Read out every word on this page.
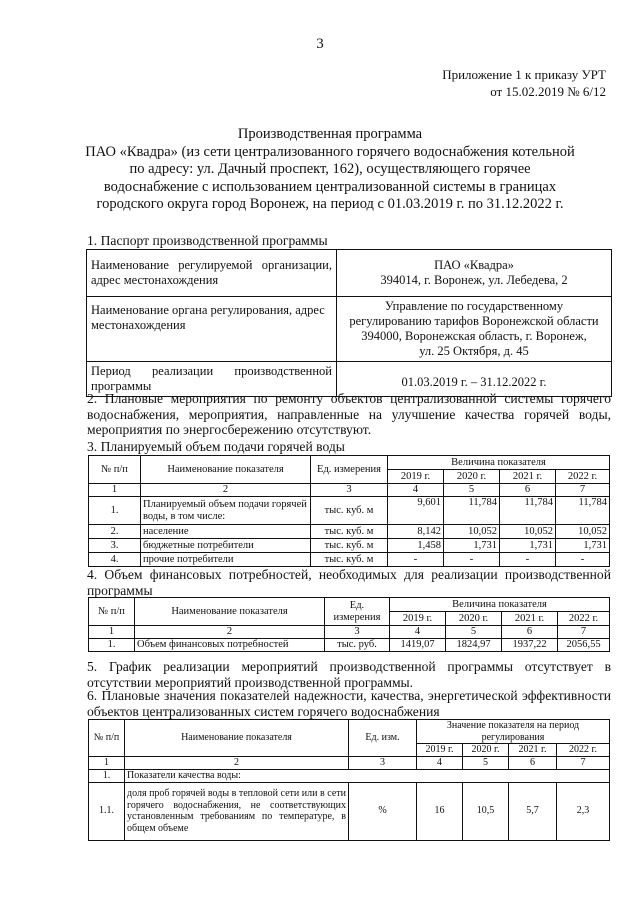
3
Приложение 1 к приказу УРТ
от 15.02.2019 № 6/12
Производственная программа
ПАО «Квадра» (из сети централизованного горячего водоснабжения котельной
по адресу: ул. Дачный проспект, 162), осуществляющего горячее
водоснабжение с использованием централизованной системы в границах
городского округа город Воронеж, на период с 01.03.2019 г. по 31.12.2022 г.
1. Паспорт производственной программы
Наименование регулируемой организации, адрес местонахождения	ПАО «Квадра»
394014, г. Воронеж, ул. Лебедева, 2

Наименование органа регулирования, адрес местонахождения	Управление по государственному
регулированию тарифов Воронежской области
394000, Воронежская область, г. Воронеж,
ул. 25 Октября, д. 45

Период реализации производственной программы	01.03.2019 г. – 31.12.2022 г.
2. Плановые мероприятия по ремонту объектов централизованной системы горячего водоснабжения, мероприятия, направленные на улучшение качества горячей воды, мероприятия по энергосбережению отсутствуют.
3. Планируемый объем подачи горячей воды
№ п/п	Наименование показателя	Ед. измерения	Величина показателя			
			2019 г.	2020 г.	2021 г.	2022 г.
1	2	3	4	5	6	7
1.	Планируемый объем подачи горячей воды, в том числе:	тыс. куб. м	9,601	11,784	11,784	11,784
2.	население	тыс. куб. м	8,142	10,052	10,052	10,052
3.	бюджетные потребители	тыс. куб. м	1,458	1,731	1,731	1,731
4.	прочие потребители	тыс. куб. м	-	-	-	-
4. Объем финансовых потребностей, необходимых для реализации производственной программы
№ п/п	Наименование показателя	Ед. измерения	Величина показателя			
			2019 г.	2020 г.	2021 г.	2022 г.
1	2	3	4	5	6	7
1.	Объем финансовых потребностей	тыс. руб.	1419,07	1824,97	1937,22	2056,55
5. График реализации мероприятий производственной программы отсутствует в отсутствии мероприятий производственной программы.
6. Плановые значения показателей надежности, качества, энергетической эффективности объектов централизованных систем горячего водоснабжения
№ п/п	Наименование показателя	Ед. изм.	Значение показателя на период регулирования			
			2019 г.	2020 г.	2021 г.	2022 г.
1	2	3	4	5	6	7
1.	Показатели качества воды:					
1.1.	доля проб горячей воды в тепловой сети или в сети горячего водоснабжения, не соответствующих установленным требованиям по температуре, в общем объеме	%	16	10,5	5,7	2,3
